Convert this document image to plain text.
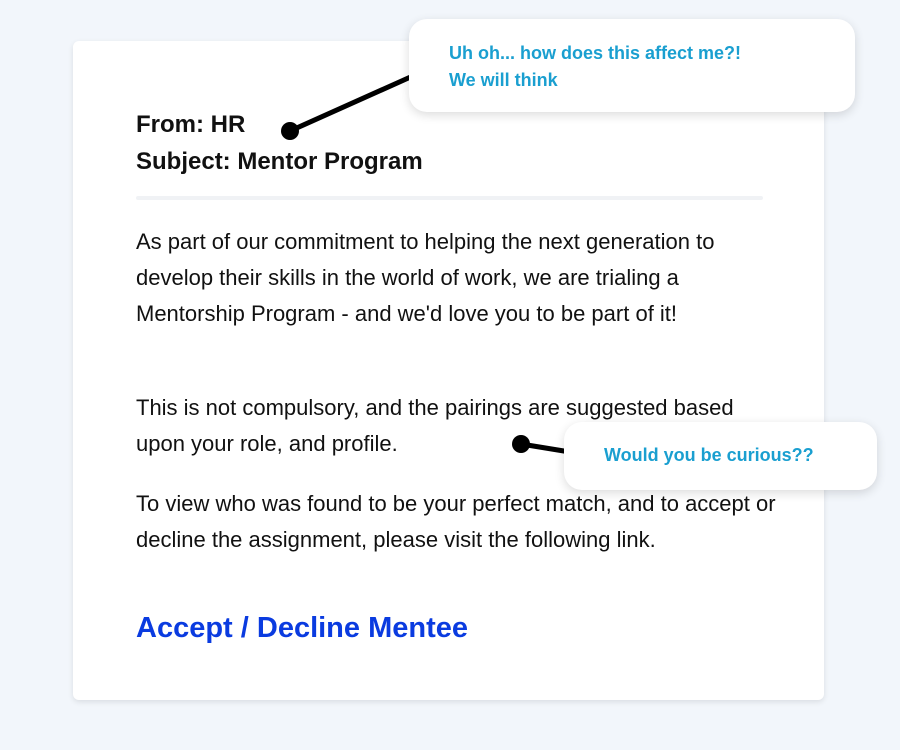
From: HR
Subject: Mentor Program

As part of our commitment to helping the next generation to develop their skills in the world of work, we are trialing a Mentorship Program - and we'd love you to be part of it!

This is not compulsory, and the pairings are suggested based upon your role, and profile.

To view who was found to be your perfect match, and to accept or decline the assignment, please visit the following link.

Accept / Decline Mentee
Uh oh... how does this affect me?!
We will think
Would you be curious??
